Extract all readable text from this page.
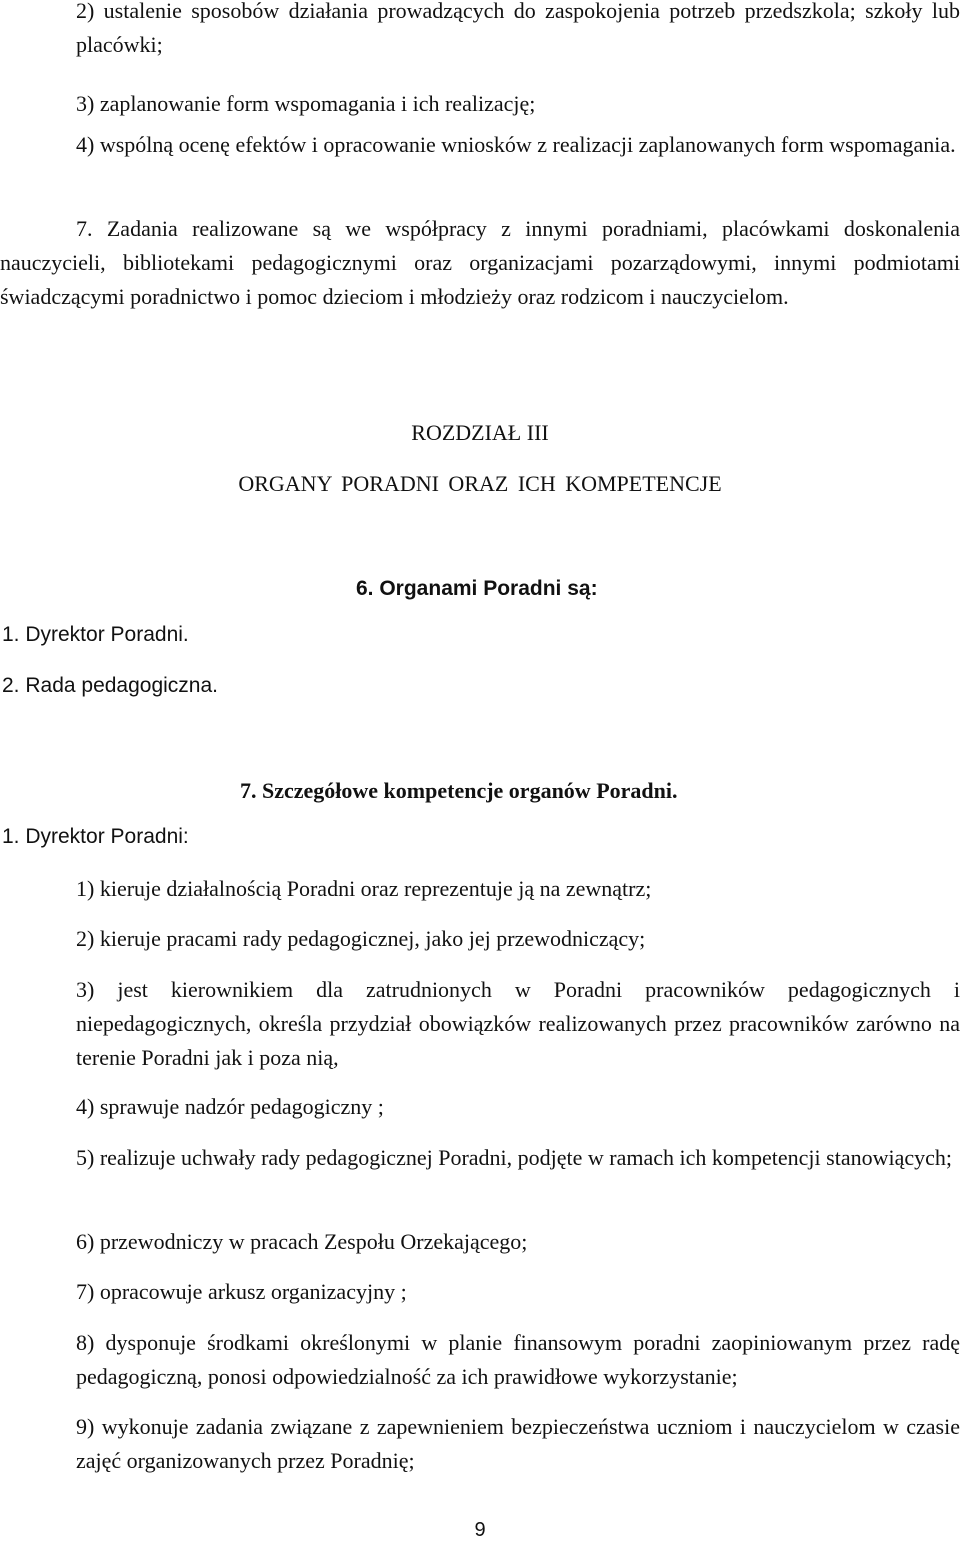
2) ustalenie sposobów działania prowadzących do zaspokojenia potrzeb przedszkola; szkoły lub placówki;

3) zaplanowanie form wspomagania i ich realizację;

4) wspólną ocenę efektów i opracowanie wniosków z realizacji zaplanowanych form wspomagania.

7. Zadania realizowane są we współpracy z innymi poradniami, placówkami doskonalenia nauczycieli, bibliotekami pedagogicznymi oraz organizacjami pozarządowymi, innymi podmiotami świadczącymi poradnictwo i pomoc dzieciom i młodzieży oraz rodzicom i nauczycielom.

ROZDZIAŁ III

ORGANY PORADNI ORAZ ICH KOMPETENCJE

6. Organami Poradni są:

1. Dyrektor Poradni.

2. Rada pedagogiczna.

7. Szczegółowe kompetencje organów Poradni.

1. Dyrektor Poradni:

1) kieruje działalnością Poradni oraz reprezentuje ją na zewnątrz;

2) kieruje pracami rady pedagogicznej, jako jej przewodniczący;

3) jest kierownikiem dla zatrudnionych w Poradni pracowników pedagogicznych i niepedagogicznych, określa przydział obowiązków realizowanych przez pracowników zarówno na terenie Poradni jak i poza nią,

4) sprawuje nadzór pedagogiczny ;

5) realizuje uchwały rady pedagogicznej Poradni, podjęte w ramach ich kompetencji stanowiących;

6) przewodniczy w pracach Zespołu Orzekającego;

7) opracowuje arkusz organizacyjny ;

8) dysponuje środkami określonymi w planie finansowym poradni zaopiniowanym przez radę pedagogiczną, ponosi odpowiedzialność za ich prawidłowe wykorzystanie;

9) wykonuje zadania związane z zapewnieniem bezpieczeństwa uczniom i nauczycielom w czasie zajęć organizowanych przez Poradnię;

9
